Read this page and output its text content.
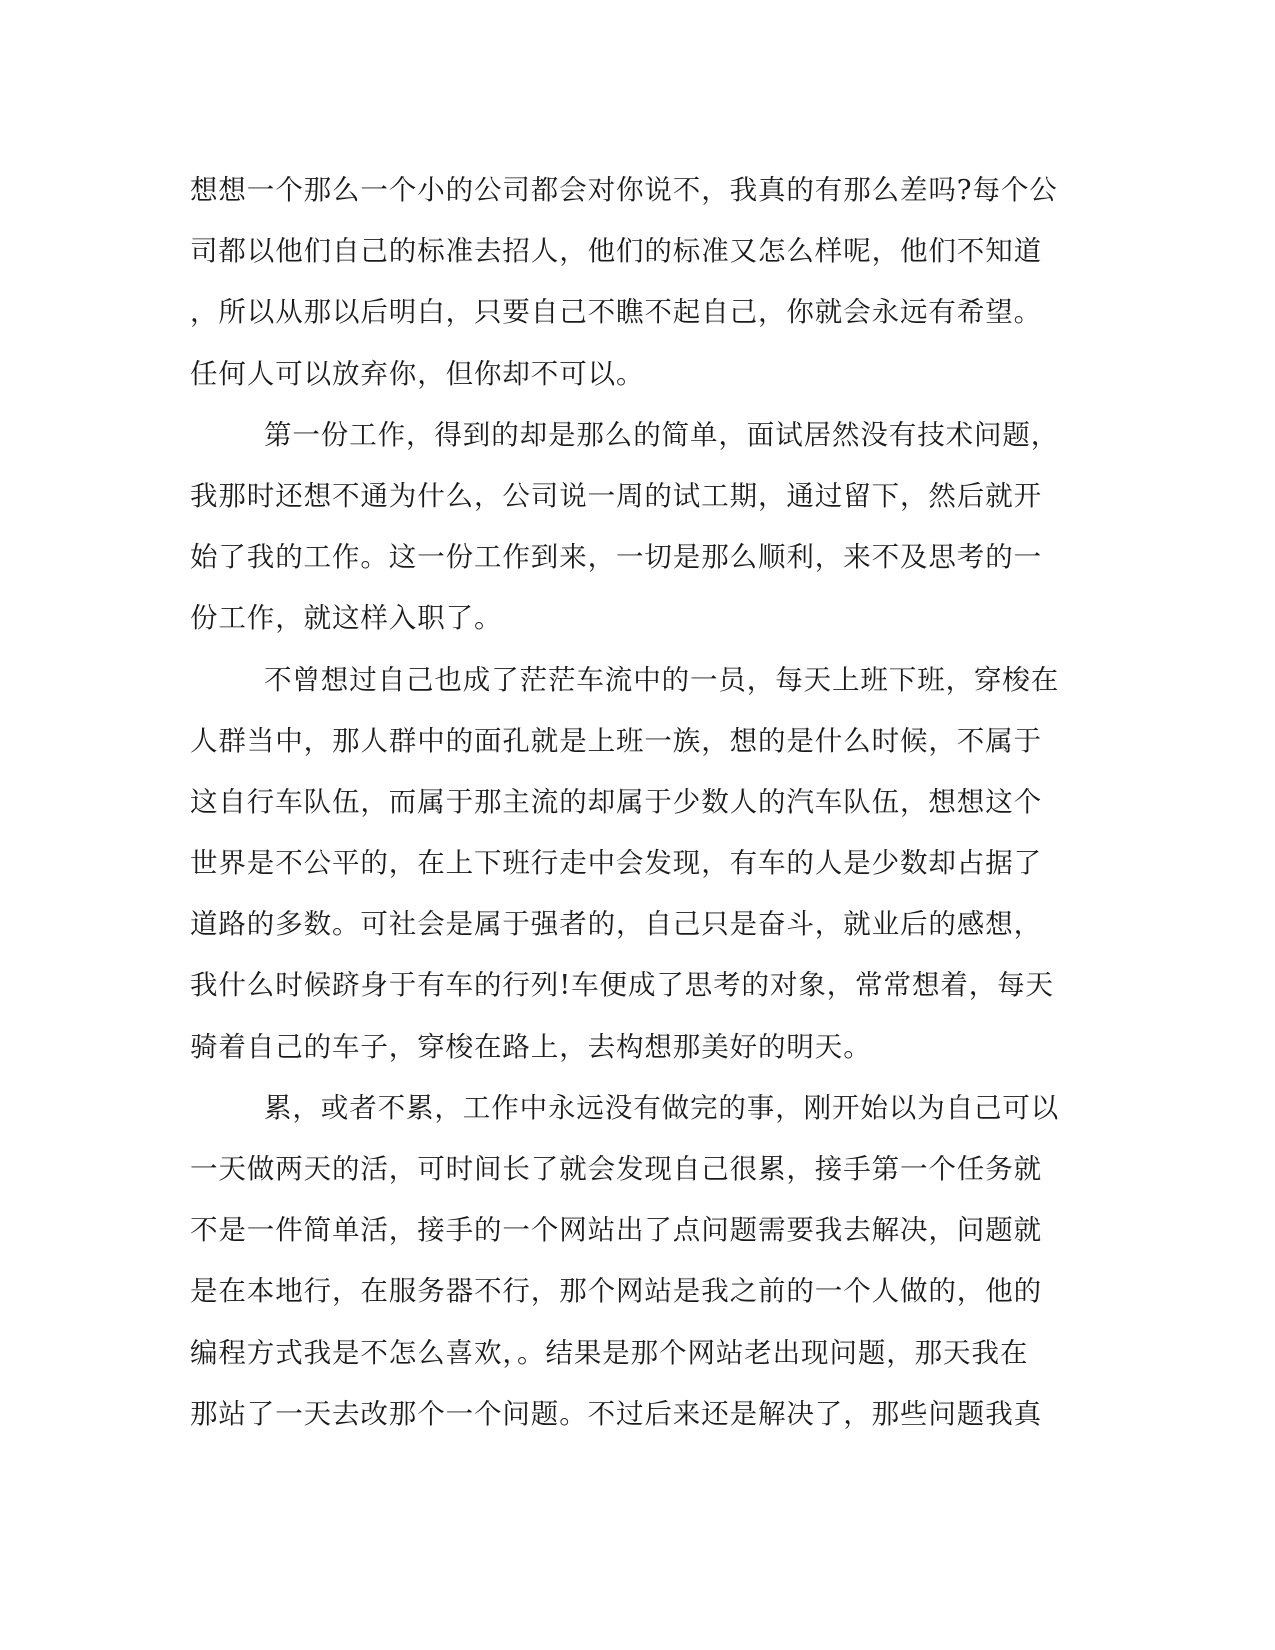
想想一个那么一个小的公司都会对你说不，我真的有那么差吗?每个公
司都以他们自己的标准去招人，他们的标准又怎么样呢，他们不知道
，所以从那以后明白，只要自己不瞧不起自己，你就会永远有希望。
任何人可以放弃你，但你却不可以。
第一份工作，得到的却是那么的简单，面试居然没有技术问题，
我那时还想不通为什么，公司说一周的试工期，通过留下，然后就开
始了我的工作。这一份工作到来，一切是那么顺利，来不及思考的一
份工作，就这样入职了。
不曾想过自己也成了茫茫车流中的一员，每天上班下班，穿梭在
人群当中，那人群中的面孔就是上班一族，想的是什么时候，不属于
这自行车队伍，而属于那主流的却属于少数人的汽车队伍，想想这个
世界是不公平的，在上下班行走中会发现，有车的人是少数却占据了
道路的多数。可社会是属于强者的，自己只是奋斗，就业后的感想，
我什么时候跻身于有车的行列!车便成了思考的对象，常常想着，每天
骑着自己的车子，穿梭在路上，去构想那美好的明天。
累，或者不累，工作中永远没有做完的事，刚开始以为自己可以
一天做两天的活，可时间长了就会发现自己很累，接手第一个任务就
不是一件简单活，接手的一个网站出了点问题需要我去解决，问题就
是在本地行，在服务器不行，那个网站是我之前的一个人做的，他的
编程方式我是不怎么喜欢，。结果是那个网站老出现问题，那天我在
那站了一天去改那个一个问题。不过后来还是解决了，那些问题我真
